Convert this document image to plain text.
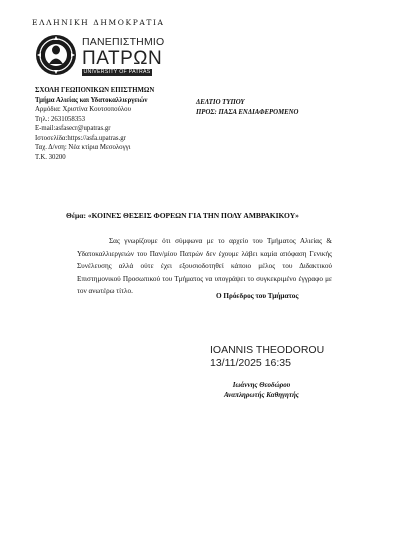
ΕΛΛΗΝΙΚΗ ΔΗΜΟΚΡΑΤΙΑ
ΠΑΝΕΠΙΣΤΗΜΙΟ
ΠΑΤΡΩΝ
UNIVERSITY OF PATRAS
ΣΧΟΛΗ ΓΕΩΠΟΝΙΚΩΝ ΕΠΙΣΤΗΜΩΝ
Τμήμα Αλιείας και Υδατοκαλλιεργειών
Αρμόδια: Χριστίνα Κουτσοπούλου
Τηλ.: 2631058353
E-mail:asfasecr@upatras.gr
Ιστοσελίδα:https://asfa.upatras.gr
Ταχ. Δ/νση: Νέα κτίρια Μεσολογγι
Τ.Κ. 30200
ΔΕΛΤΙΟ ΤΥΠΟΥ
ΠΡΟΣ: ΠΑΣΑ ΕΝΔΙΑΦΕΡΟΜΕΝΟ
Θέμα: «ΚΟΙΝΕΣ ΘΕΣΕΙΣ ΦΟΡΕΩΝ ΓΙΑ ΤΗΝ ΠΟΛΥ ΑΜΒΡΑΚΙΚΟΥ»
Σας γνωρίζουμε ότι σύμφωνα με το αρχείο του Τμήματος Αλιείας & Υδατοκαλλιεργειών του Παν/μίου Πατρών δεν έχουμε λάβει καμία απόφαση Γενικής Συνέλευσης αλλά ούτε έχει εξουσιοδοτηθεί κάποιο μέλος του Διδακτικού Επιστημονικού Προσωπικού του Τμήματος να υπογράψει το συγκεκριμένο έγγραφο με τον ανωτέρω τίτλο.
Ο Πρόεδρος του Τμήματος
IOANNIS THEODOROU
13/11/2025 16:35
Ιωάννης Θεοδώρου
Αναπληρωτής Καθηγητής
